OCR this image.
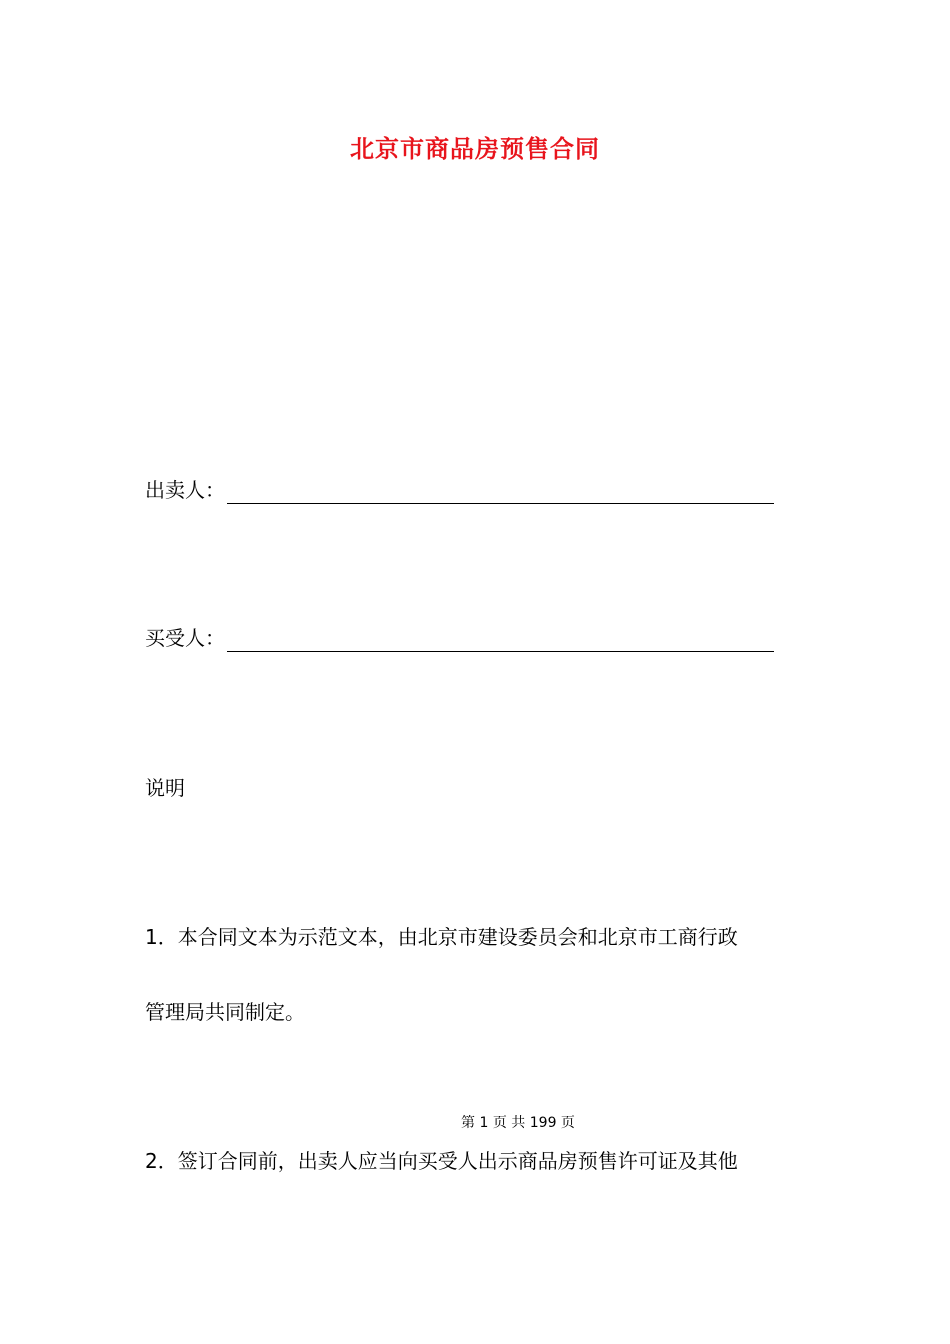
北京市商品房预售合同
出卖人：
买受人：
说明
1．本合同文本为示范文本，由北京市建设委员会和北京市工商行政
管理局共同制定。
第 1 页 共 199 页
2．签订合同前，出卖人应当向买受人出示商品房预售许可证及其他
